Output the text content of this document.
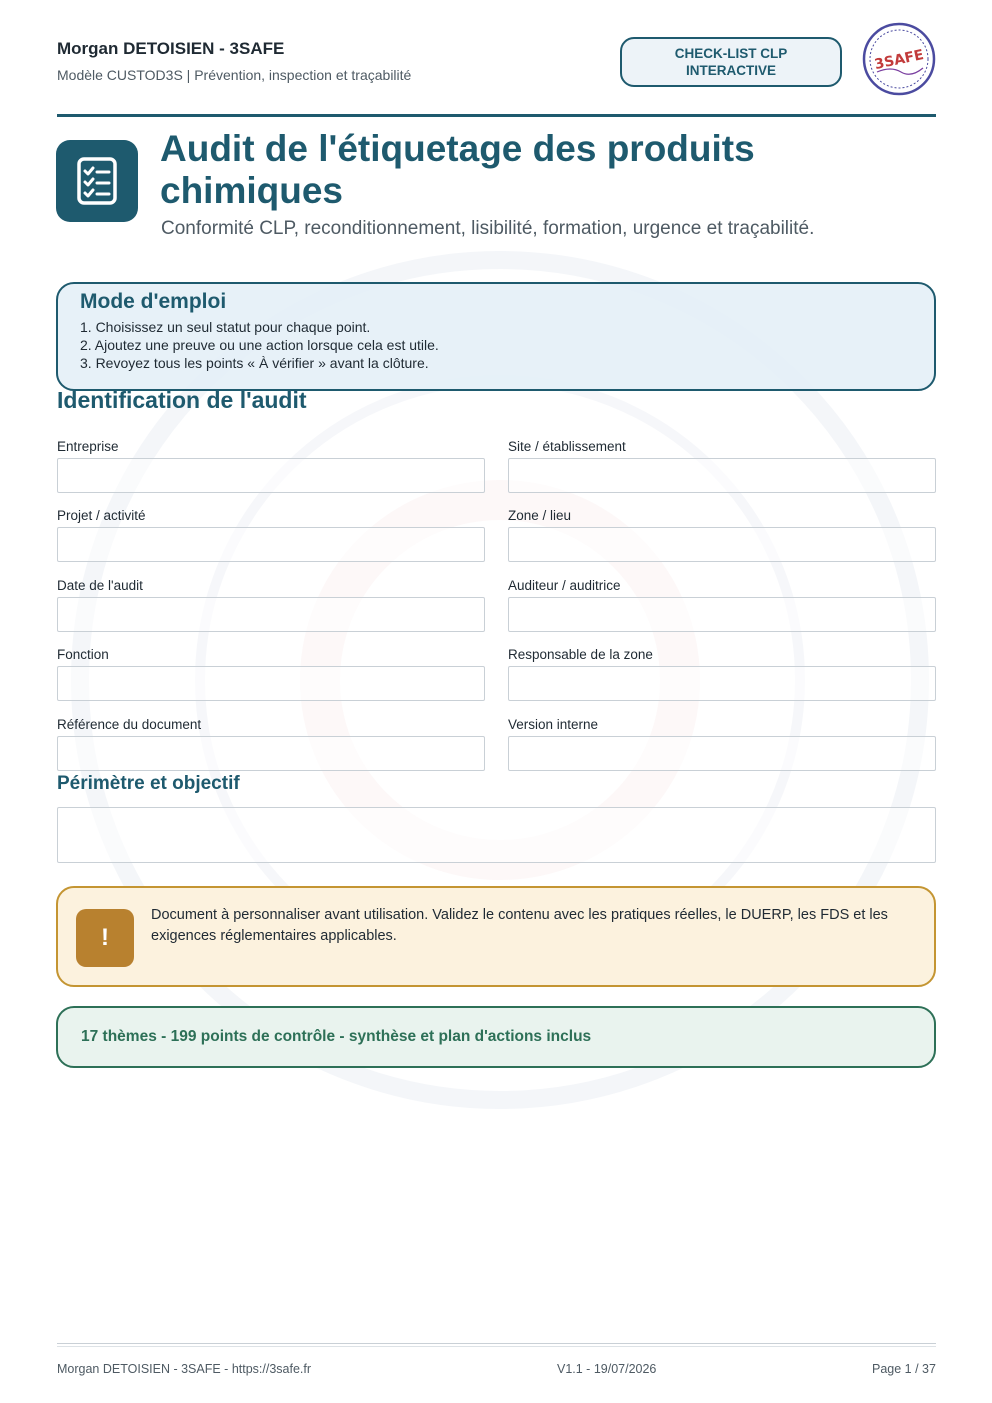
Morgan DETOISIEN - 3SAFE
Modèle CUSTOD3S | Prévention, inspection et traçabilité
CHECK-LIST CLP
INTERACTIVE	3SAFE
Audit de l'étiquetage des produits chimiques
Conformité CLP, reconditionnement, lisibilité, formation, urgence et traçabilité.
Mode d'emploi
1. Choisissez un seul statut pour chaque point.
2. Ajoutez une preuve ou une action lorsque cela est utile.
3. Revoyez tous les points « À vérifier » avant la clôture.
Identification de l'audit
Entreprise	Site / établissement
Projet / activité	Zone / lieu
Date de l'audit	Auditeur / auditrice
Fonction	Responsable de la zone
Référence du document	Version interne
Périmètre et objectif
!
Document à personnaliser avant utilisation. Validez le contenu avec les pratiques réelles, le DUERP, les FDS et les exigences réglementaires applicables.
17 thèmes - 199 points de contrôle - synthèse et plan d'actions inclus
Morgan DETOISIEN - 3SAFE - https://3safe.fr	V1.1 - 19/07/2026	Page 1 / 37
